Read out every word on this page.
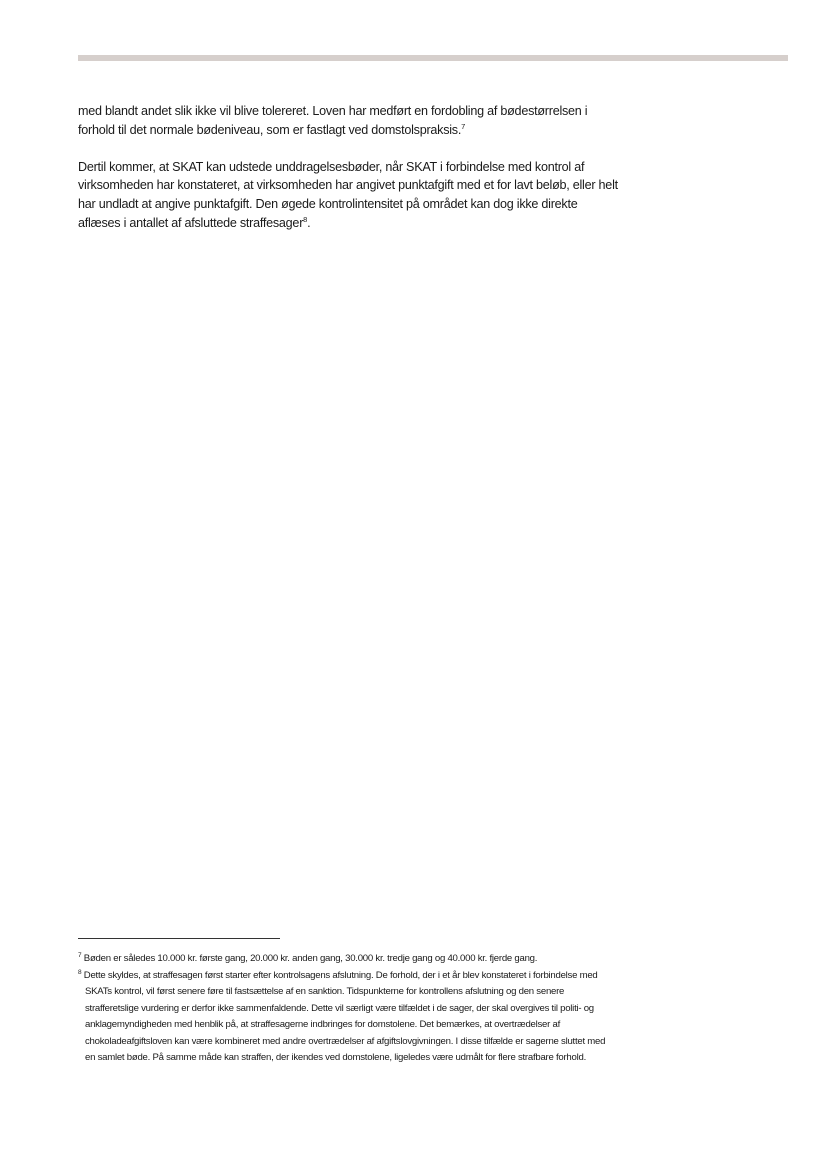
med blandt andet slik ikke vil blive tolereret. Loven har medført en fordobling af bødestørrelsen i forhold til det normale bødeniveau, som er fastlagt ved domstolspraksis.$^7$

Dertil kommer, at SKAT kan udstede unddragelsesbøder, når SKAT i forbindelse med kontrol af virksomheden har konstateret, at virksomheden har angivet punktafgift med et for lavt beløb, eller helt har undladt at angive punktafgift. Den øgede kontrolintensitet på området kan dog ikke direkte aflæses i antallet af afsluttede straffesager$^8$.

$^7$ Bøden er således 10.000 kr. første gang, 20.000 kr. anden gang, 30.000 kr. tredje gang og 40.000 kr. fjerde gang.

$^8$ Dette skyldes, at straffesagen først starter efter kontrolsagens afslutning. De forhold, der i et år blev konstateret i forbindelse med SKATs kontrol, vil først senere føre til fastsættelse af en sanktion. Tidspunkterne for kontrollens afslutning og den senere strafferetslige vurdering er derfor ikke sammenfaldende. Dette vil særligt være tilfældet i de sager, der skal overgives til politi- og anklagemyndigheden med henblik på, at straffesagerne indbringes for domstolene. Det bemærkes, at overtrædelser af chokoladeafgiftsloven kan være kombineret med andre overtrædelser af afgiftslovgivningen. I disse tilfælde er sagerne sluttet med en samlet bøde. På samme måde kan straffen, der ikendes ved domstolene, ligeledes være udmålt for flere strafbare forhold.
